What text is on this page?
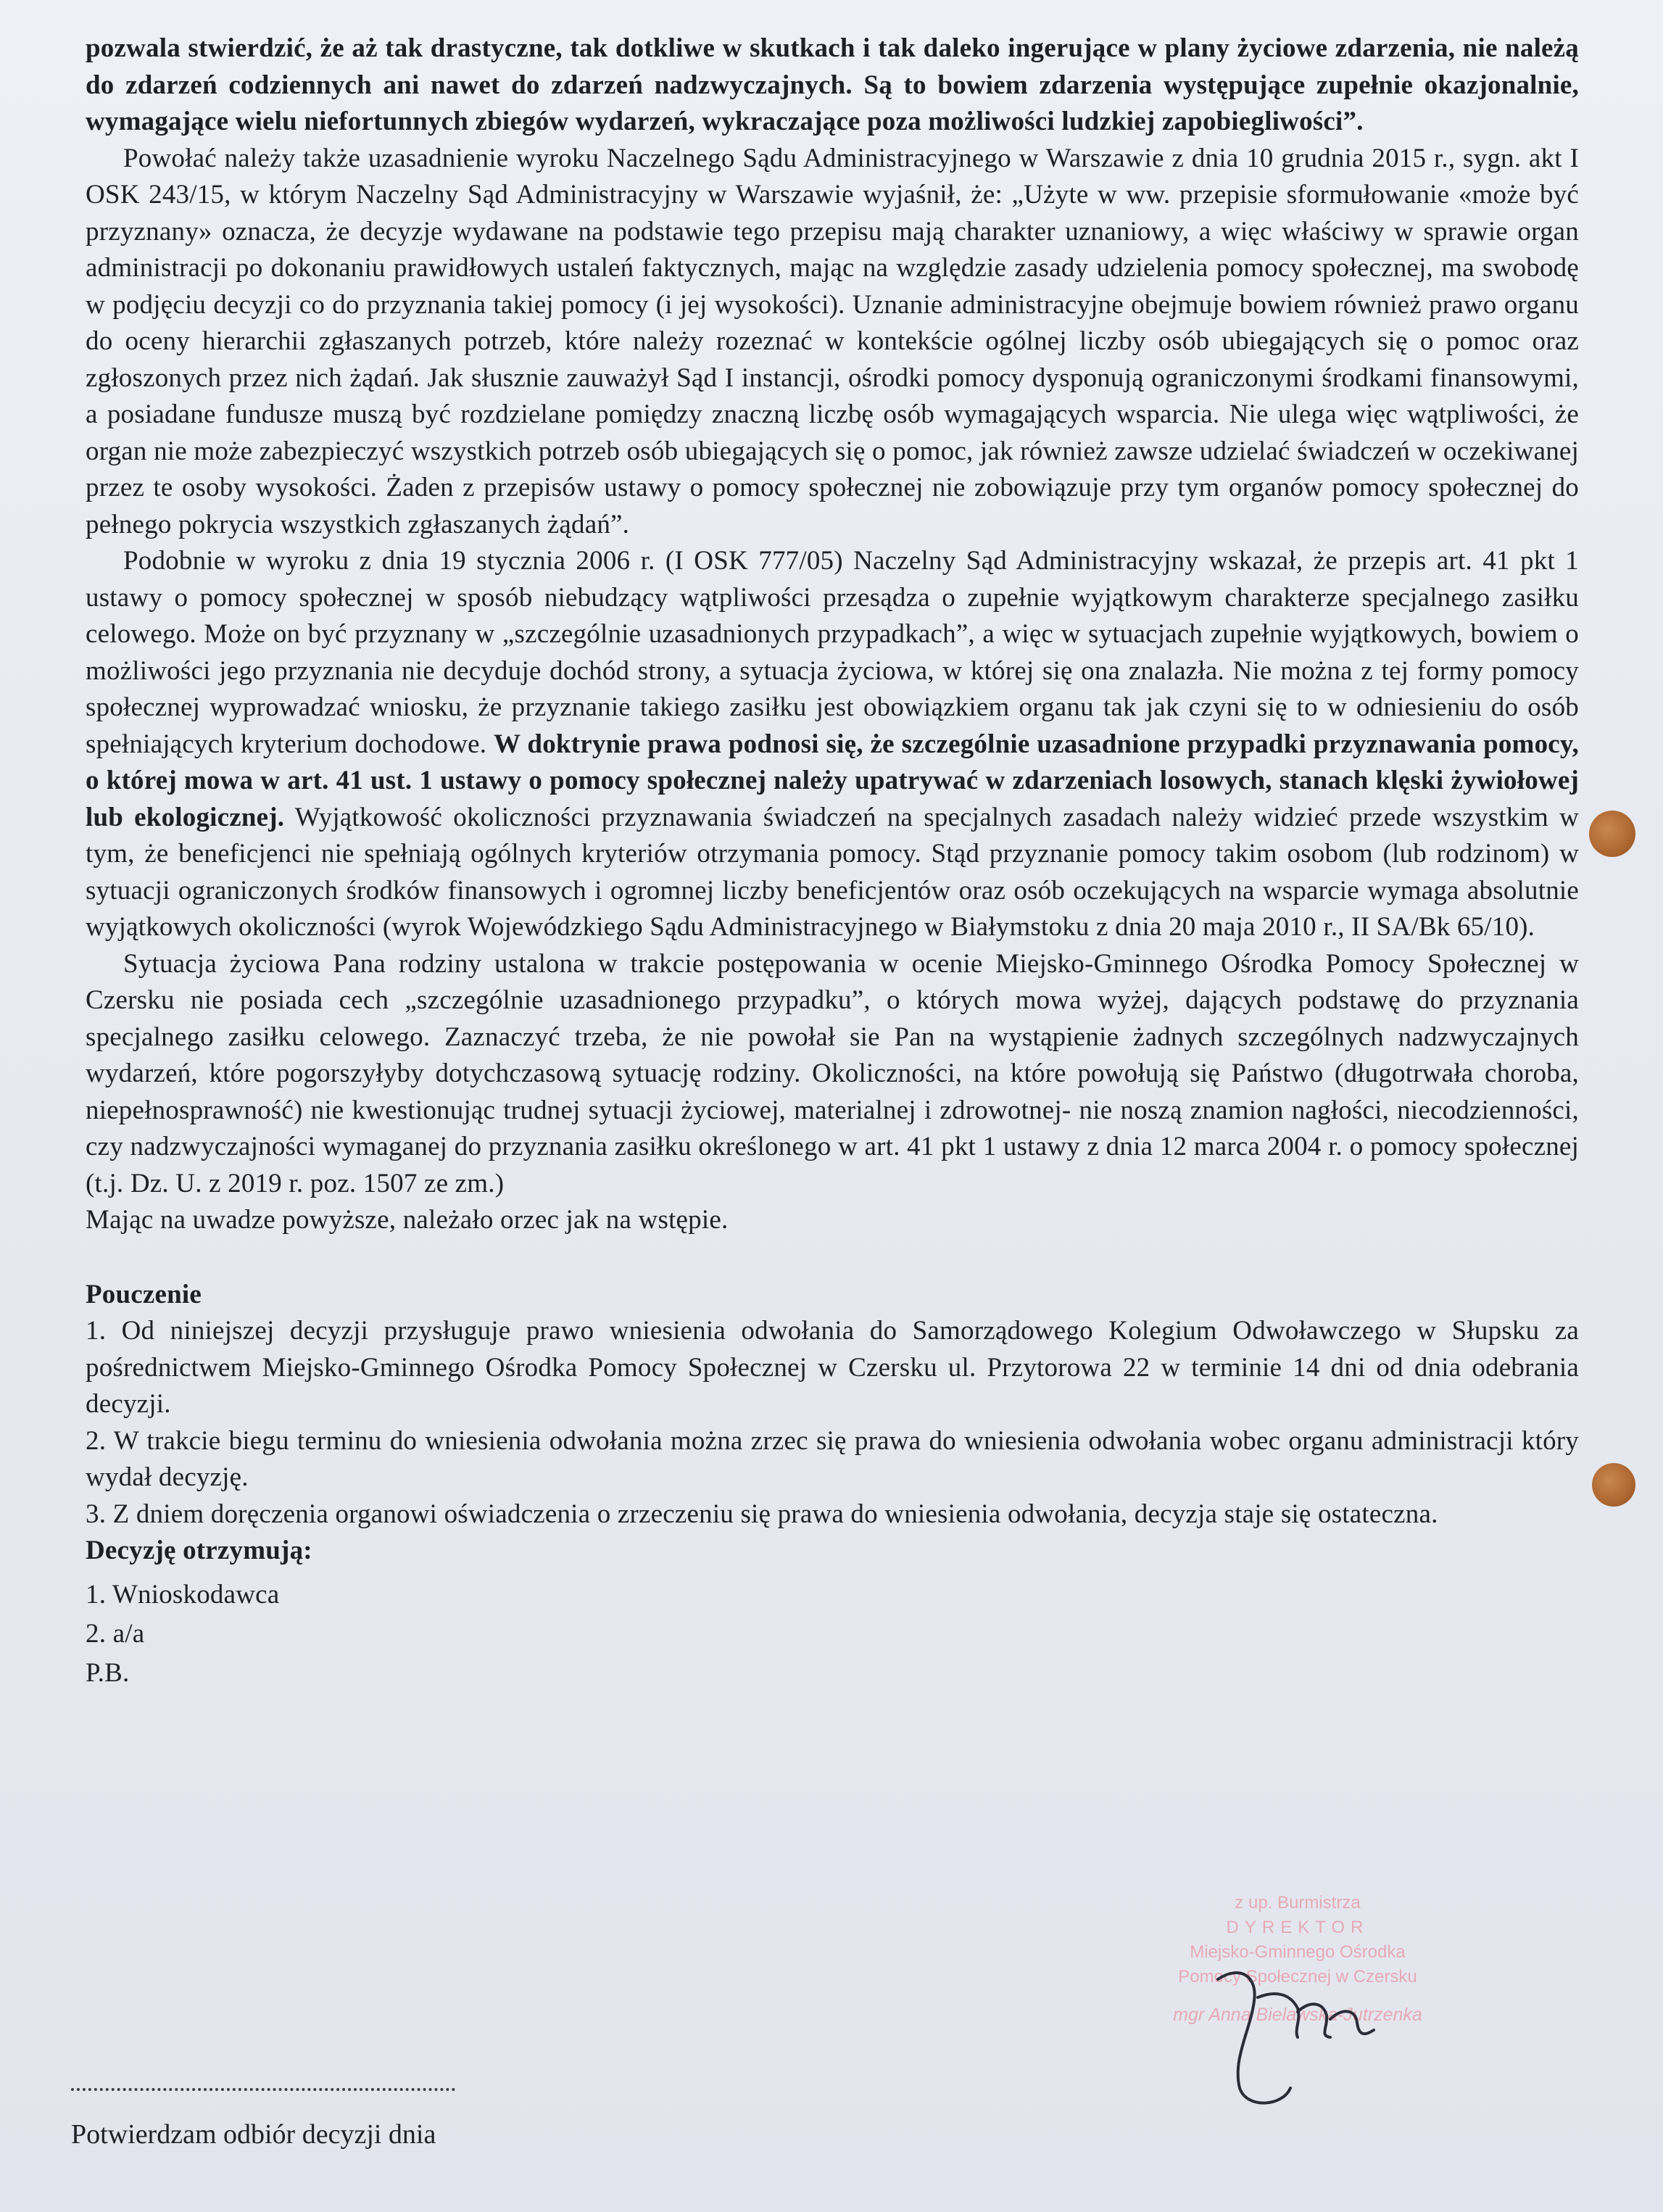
pozwala stwierdzić, że aż tak drastyczne, tak dotkliwe w skutkach i tak daleko ingerujące w plany życiowe zdarzenia, nie należą do zdarzeń codziennych ani nawet do zdarzeń nadzwyczajnych. Są to bowiem zdarzenia występujące zupełnie okazjonalnie, wymagające wielu niefortunnych zbiegów wydarzeń, wykraczające poza możliwości ludzkiej zapobiegliwości”.

Powołać należy także uzasadnienie wyroku Naczelnego Sądu Administracyjnego w Warszawie z dnia 10 grudnia 2015 r., sygn. akt I OSK 243/15, w którym Naczelny Sąd Administracyjny w Warszawie wyjaśnił, że: „Użyte w ww. przepisie sformułowanie «może być przyznany» oznacza, że decyzje wydawane na podstawie tego przepisu mają charakter uznaniowy, a więc właściwy w sprawie organ administracji po dokonaniu prawidłowych ustaleń faktycznych, mając na względzie zasady udzielenia pomocy społecznej, ma swobodę w podjęciu decyzji co do przyznania takiej pomocy (i jej wysokości). Uznanie administracyjne obejmuje bowiem również prawo organu do oceny hierarchii zgłaszanych potrzeb, które należy rozeznać w kontekście ogólnej liczby osób ubiegających się o pomoc oraz zgłoszonych przez nich żądań. Jak słusznie zauważył Sąd I instancji, ośrodki pomocy dysponują ograniczonymi środkami finansowymi, a posiadane fundusze muszą być rozdzielane pomiędzy znaczną liczbę osób wymagających wsparcia. Nie ulega więc wątpliwości, że organ nie może zabezpieczyć wszystkich potrzeb osób ubiegających się o pomoc, jak również zawsze udzielać świadczeń w oczekiwanej przez te osoby wysokości. Żaden z przepisów ustawy o pomocy społecznej nie zobowiązuje przy tym organów pomocy społecznej do pełnego pokrycia wszystkich zgłaszanych żądań”.

Podobnie w wyroku z dnia 19 stycznia 2006 r. (I OSK 777/05) Naczelny Sąd Administracyjny wskazał, że przepis art. 41 pkt 1 ustawy o pomocy społecznej w sposób niebudzący wątpliwości przesądza o zupełnie wyjątkowym charakterze specjalnego zasiłku celowego. Może on być przyznany w „szczególnie uzasadnionych przypadkach”, a więc w sytuacjach zupełnie wyjątkowych, bowiem o możliwości jego przyznania nie decyduje dochód strony, a sytuacja życiowa, w której się ona znalazła. Nie można z tej formy pomocy społecznej wyprowadzać wniosku, że przyznanie takiego zasiłku jest obowiązkiem organu tak jak czyni się to w odniesieniu do osób spełniających kryterium dochodowe. W doktrynie prawa podnosi się, że szczególnie uzasadnione przypadki przyznawania pomocy, o której mowa w art. 41 ust. 1 ustawy o pomocy społecznej należy upatrywać w zdarzeniach losowych, stanach klęski żywiołowej lub ekologicznej. Wyjątkowość okoliczności przyznawania świadczeń na specjalnych zasadach należy widzieć przede wszystkim w tym, że beneficjenci nie spełniają ogólnych kryteriów otrzymania pomocy. Stąd przyznanie pomocy takim osobom (lub rodzinom) w sytuacji ograniczonych środków finansowych i ogromnej liczby beneficjentów oraz osób oczekujących na wsparcie wymaga absolutnie wyjątkowych okoliczności (wyrok Wojewódzkiego Sądu Administracyjnego w Białymstoku z dnia 20 maja 2010 r., II SA/Bk 65/10).

Sytuacja życiowa Pana rodziny ustalona w trakcie postępowania w ocenie Miejsko-Gminnego Ośrodka Pomocy Społecznej w Czersku nie posiada cech „szczególnie uzasadnionego przypadku”, o których mowa wyżej, dających podstawę do przyznania specjalnego zasiłku celowego. Zaznaczyć trzeba, że nie powołał sie Pan na wystąpienie żadnych szczególnych nadzwyczajnych wydarzeń, które pogorszyłyby dotychczasową sytuację rodziny. Okoliczności, na które powołują się Państwo (długotrwała choroba, niepełnosprawność) nie kwestionując trudnej sytuacji życiowej, materialnej i zdrowotnej- nie noszą znamion nagłości, niecodzienności, czy nadzwyczajności wymaganej do przyznania zasiłku określonego w art. 41 pkt 1 ustawy z dnia 12 marca 2004 r. o pomocy społecznej (t.j. Dz. U. z 2019 r. poz. 1507 ze zm.)

Mając na uwadze powyższe, należało orzec jak na wstępie.

Pouczenie

1. Od niniejszej decyzji przysługuje prawo wniesienia odwołania do Samorządowego Kolegium Odwoławczego w Słupsku za pośrednictwem Miejsko-Gminnego Ośrodka Pomocy Społecznej w Czersku ul. Przytorowa 22 w terminie 14 dni od dnia odebrania decyzji.

2. W trakcie biegu terminu do wniesienia odwołania można zrzec się prawa do wniesienia odwołania wobec organu administracji który wydał decyzję.

3. Z dniem doręczenia organowi oświadczenia o zrzeczeniu się prawa do wniesienia odwołania, decyzja staje się ostateczna.

Decyzję otrzymują:

1. Wnioskodawca

2. a/a

P.B.

z up. Burmistrza
DYREKTOR
Miejsko-Gminnego Ośrodka
Pomocy Społecznej w Czersku
mgr Anna Bielawska-Jutrzenka
Potwierdzam odbiór decyzji dnia
